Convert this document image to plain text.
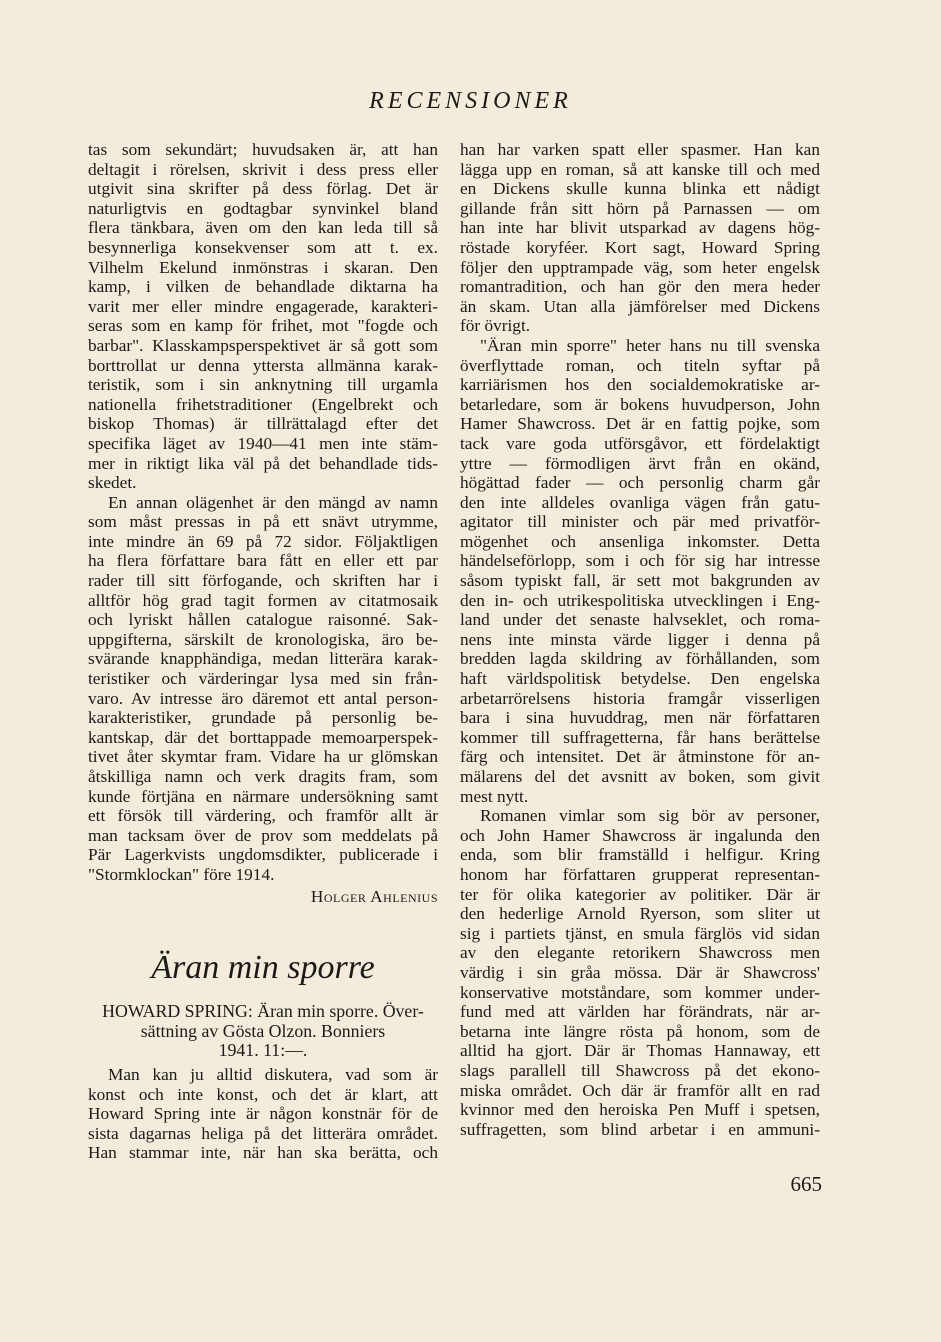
RECENSIONER
tas som sekundärt; huvudsaken är, att han
deltagit i rörelsen, skrivit i dess press eller
utgivit sina skrifter på dess förlag. Det är
naturligtvis en godtagbar synvinkel bland
flera tänkbara, även om den kan leda till så
besynnerliga konsekvenser som att t. ex.
Vilhelm Ekelund inmönstras i skaran. Den
kamp, i vilken de behandlade diktarna ha
varit mer eller mindre engagerade, karakteri-
seras som en kamp för frihet, mot "fogde och
barbar". Klasskampsperspektivet är så gott som
borttrollat ur denna yttersta allmänna karak-
teristik, som i sin anknytning till urgamla
nationella frihetstraditioner (Engelbrekt och
biskop Thomas) är tillrättalagd efter det
specifika läget av 1940—41 men inte stäm-
mer in riktigt lika väl på det behandlade tids-
skedet.
En annan olägenhet är den mängd av namn
som måst pressas in på ett snävt utrymme,
inte mindre än 69 på 72 sidor. Följaktligen
ha flera författare bara fått en eller ett par
rader till sitt förfogande, och skriften har i
alltför hög grad tagit formen av citatmosaik
och lyriskt hållen catalogue raisonné. Sak-
uppgifterna, särskilt de kronologiska, äro be-
svärande knapphändiga, medan litterära karak-
teristiker och värderingar lysa med sin från-
varo. Av intresse äro däremot ett antal person-
karakteristiker, grundade på personlig be-
kantskap, där det borttappade memoarperspek-
tivet åter skymtar fram. Vidare ha ur glömskan
åtskilliga namn och verk dragits fram, som
kunde förtjäna en närmare undersökning samt
ett försök till värdering, och framför allt är
man tacksam över de prov som meddelats på
Pär Lagerkvists ungdomsdikter, publicerade i
"Stormklockan" före 1914.
Holger Ahlenius
Äran min sporre
HOWARD SPRING: Äran min sporre. Över-
sättning av Gösta Olzon. Bonniers
1941. 11:—.
Man kan ju alltid diskutera, vad som är
konst och inte konst, och det är klart, att
Howard Spring inte är någon konstnär för de
sista dagarnas heliga på det litterära området.
Han stammar inte, när han ska berätta, och
han har varken spatt eller spasmer. Han kan
lägga upp en roman, så att kanske till och med
en Dickens skulle kunna blinka ett nådigt
gillande från sitt hörn på Parnassen — om
han inte har blivit utsparkad av dagens hög-
röstade koryféer. Kort sagt, Howard Spring
följer den upptrampade väg, som heter engelsk
romantradition, och han gör den mera heder
än skam. Utan alla jämförelser med Dickens
för övrigt.
"Äran min sporre" heter hans nu till svenska
överflyttade roman, och titeln syftar på
karriärismen hos den socialdemokratiske ar-
betarledare, som är bokens huvudperson, John
Hamer Shawcross. Det är en fattig pojke, som
tack vare goda utförsgåvor, ett fördelaktigt
yttre — förmodligen ärvt från en okänd,
högättad fader — och personlig charm går
den inte alldeles ovanliga vägen från gatu-
agitator till minister och pär med privatför-
mögenhet och ansenliga inkomster. Detta
händelseförlopp, som i och för sig har intresse
såsom typiskt fall, är sett mot bakgrunden av
den in- och utrikespolitiska utvecklingen i Eng-
land under det senaste halvseklet, och roma-
nens inte minsta värde ligger i denna på
bredden lagda skildring av förhållanden, som
haft världspolitisk betydelse. Den engelska
arbetarrörelsens historia framgår visserligen
bara i sina huvuddrag, men när författaren
kommer till suffragetterna, får hans berättelse
färg och intensitet. Det är åtminstone för an-
mälarens del det avsnitt av boken, som givit
mest nytt.
Romanen vimlar som sig bör av personer,
och John Hamer Shawcross är ingalunda den
enda, som blir framställd i helfigur. Kring
honom har författaren grupperat representan-
ter för olika kategorier av politiker. Där är
den hederlige Arnold Ryerson, som sliter ut
sig i partiets tjänst, en smula färglös vid sidan
av den elegante retorikern Shawcross men
värdig i sin gråa mössa. Där är Shawcross'
konservative motståndare, som kommer under-
fund med att världen har förändrats, när ar-
betarna inte längre rösta på honom, som de
alltid ha gjort. Där är Thomas Hannaway, ett
slags parallell till Shawcross på det ekono-
miska området. Och där är framför allt en rad
kvinnor med den heroiska Pen Muff i spetsen,
suffragetten, som blind arbetar i en ammuni-
665
